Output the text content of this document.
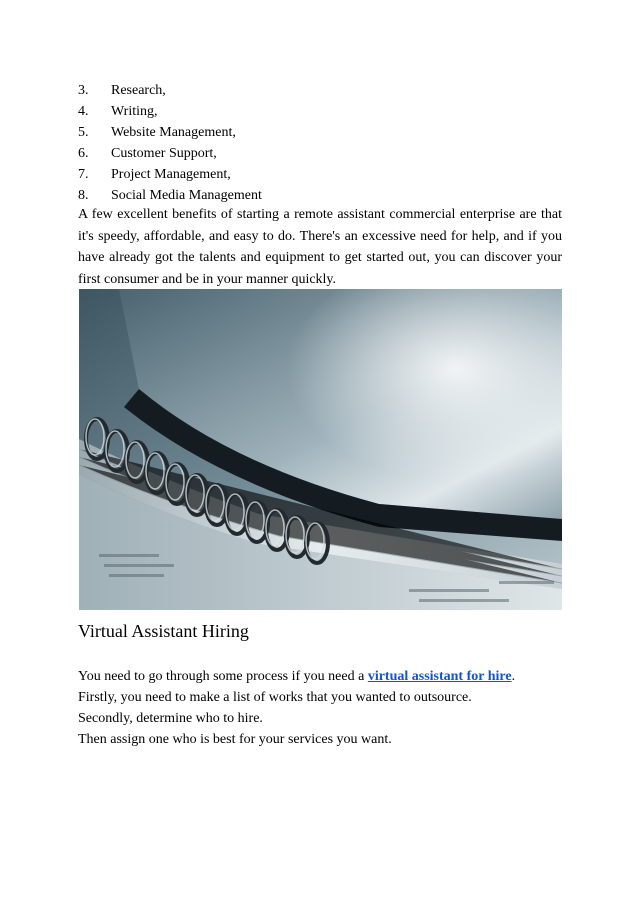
3.	Research,
4.	Writing,
5.	Website Management,
6.	Customer Support,
7.	Project Management,
8.	Social Media Management

A few excellent benefits of starting a remote assistant commercial enterprise are that it's speedy, affordable, and easy to do. There's an excessive need for help, and if you have already got the talents and equipment to get started out, you can discover your first consumer and be in your manner quickly.

Virtual Assistant Hiring

You need to go through some process if you need a virtual assistant for hire.

Firstly, you need to make a list of works that you wanted to outsource.

Secondly, determine who to hire.

Then assign one who is best for your services you want.
